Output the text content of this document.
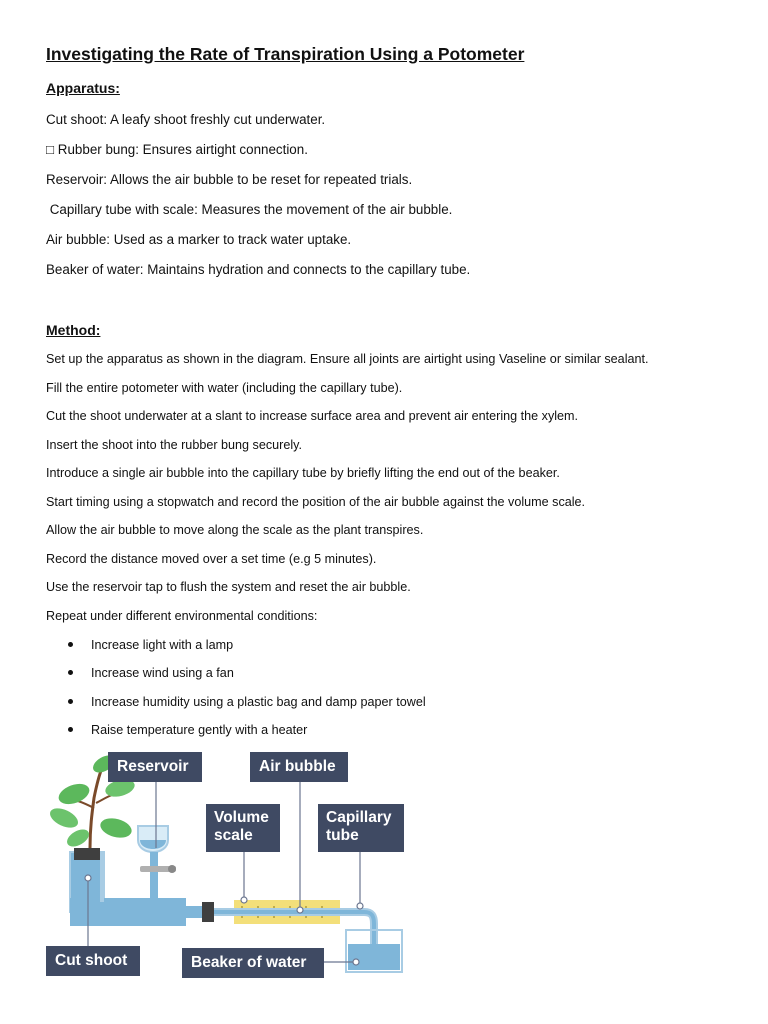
Investigating the Rate of Transpiration Using a Potometer
Apparatus:
Cut shoot: A leafy shoot freshly cut underwater.
□ Rubber bung: Ensures airtight connection.
Reservoir: Allows the air bubble to be reset for repeated trials.
Capillary tube with scale: Measures the movement of the air bubble.
Air bubble: Used as a marker to track water uptake.
Beaker of water: Maintains hydration and connects to the capillary tube.
Method:
Set up the apparatus as shown in the diagram. Ensure all joints are airtight using Vaseline or similar sealant.
Fill the entire potometer with water (including the capillary tube).
Cut the shoot underwater at a slant to increase surface area and prevent air entering the xylem.
Insert the shoot into the rubber bung securely.
Introduce a single air bubble into the capillary tube by briefly lifting the end out of the beaker.
Start timing using a stopwatch and record the position of the air bubble against the volume scale.
Allow the air bubble to move along the scale as the plant transpires.
Record the distance moved over a set time (e.g 5 minutes).
Use the reservoir tap to flush the system and reset the air bubble.
Repeat under different environmental conditions:
Increase light with a lamp
Increase wind using a fan
Increase humidity using a plastic bag and damp paper towel
Raise temperature gently with a heater
Reservoir	Air bubble
Volume
scale
Capillary
tube
Cut shoot	Beaker of water
